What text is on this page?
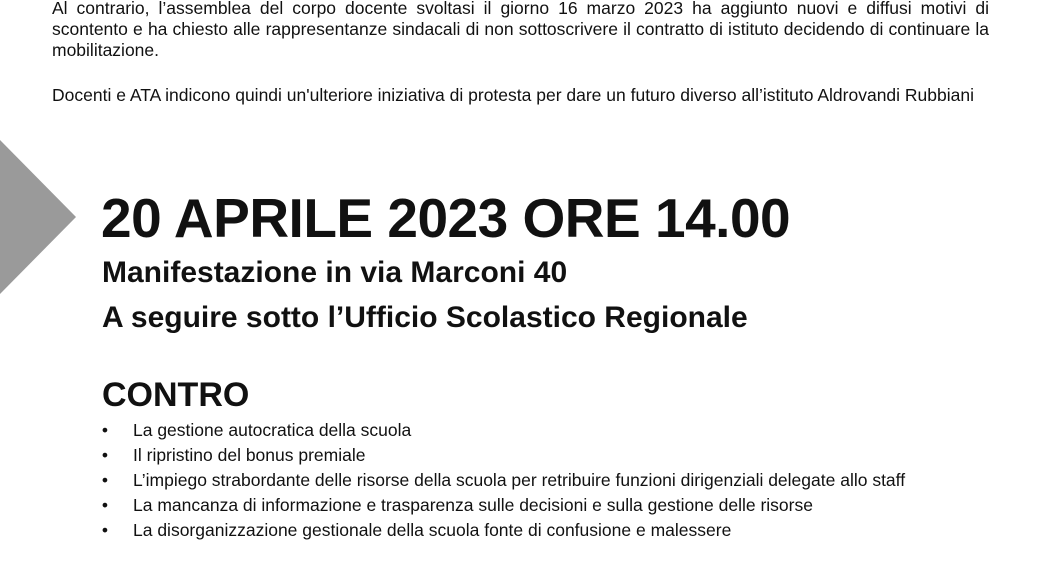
Al contrario, l’assemblea del corpo docente svoltasi il giorno 16 marzo 2023 ha aggiunto nuovi e diffusi motivi di scontento e ha chiesto alle rappresentanze sindacali di non sottoscrivere il contratto di istituto decidendo di continuare la mobilitazione.

Docenti e ATA indicono quindi un'ulteriore iniziativa di protesta per dare un futuro diverso all’istituto Aldrovandi Rubbiani

20 APRILE 2023 ORE 14.00
Manifestazione in via Marconi 40
A seguire sotto l’Ufficio Scolastico Regionale
CONTRO
• La gestione autocratica della scuola
• Il ripristino del bonus premiale
• L’impiego strabordante delle risorse della scuola per retribuire funzioni dirigenziali delegate allo staff
• La mancanza di informazione e trasparenza sulle decisioni e sulla gestione delle risorse
• La disorganizzazione gestionale della scuola fonte di confusione e malessere
